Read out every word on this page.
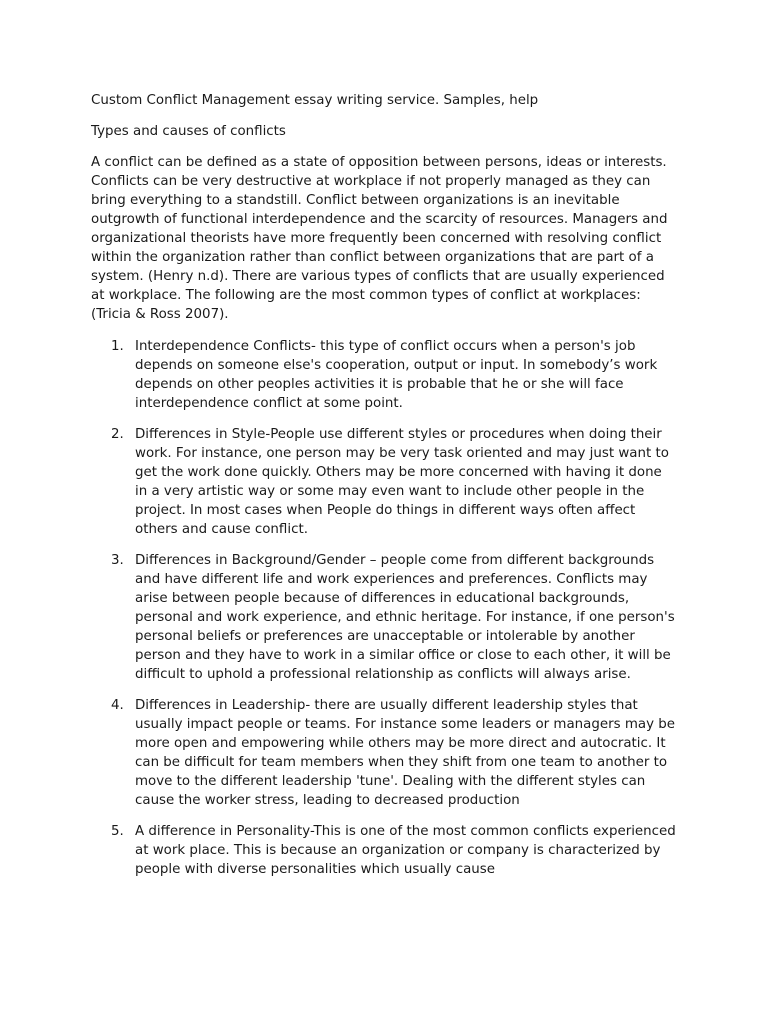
Custom Conflict Management essay writing service. Samples, help

Types and causes of conflicts

A conflict can be defined as a state of opposition between persons, ideas or interests. Conflicts can be very destructive at workplace if not properly managed as they can bring everything to a standstill. Conflict between organizations is an inevitable outgrowth of functional interdependence and the scarcity of resources. Managers and organizational theorists have more frequently been concerned with resolving conflict within the organization rather than conflict between organizations that are part of a system. (Henry n.d). There are various types of conflicts that are usually experienced at workplace. The following are the most common types of conflict at workplaces: (Tricia & Ross 2007).

1. Interdependence Conflicts- this type of conflict occurs when a person's job depends on someone else's cooperation, output or input. In somebody’s work depends on other peoples activities it is probable that he or she will face interdependence conflict at some point.
2. Differences in Style-People use different styles or procedures when doing their work. For instance, one person may be very task oriented and may just want to get the work done quickly. Others may be more concerned with having it done in a very artistic way or some may even want to include other people in the project. In most cases when People do things in different ways often affect others and cause conflict.
3. Differences in Background/Gender – people come from different backgrounds and have different life and work experiences and preferences. Conflicts may arise between people because of differences in educational backgrounds, personal and work experience, and ethnic heritage. For instance, if one person's personal beliefs or preferences are unacceptable or intolerable by another person and they have to work in a similar office or close to each other, it will be difficult to uphold a professional relationship as conflicts will always arise.
4. Differences in Leadership- there are usually different leadership styles that usually impact people or teams. For instance some leaders or managers may be more open and empowering while others may be more direct and autocratic. It can be difficult for team members when they shift from one team to another to move to the different leadership 'tune'. Dealing with the different styles can cause the worker stress, leading to decreased production
5. A difference in Personality-This is one of the most common conflicts experienced at work place. This is because an organization or company is characterized by people with diverse personalities which usually cause
